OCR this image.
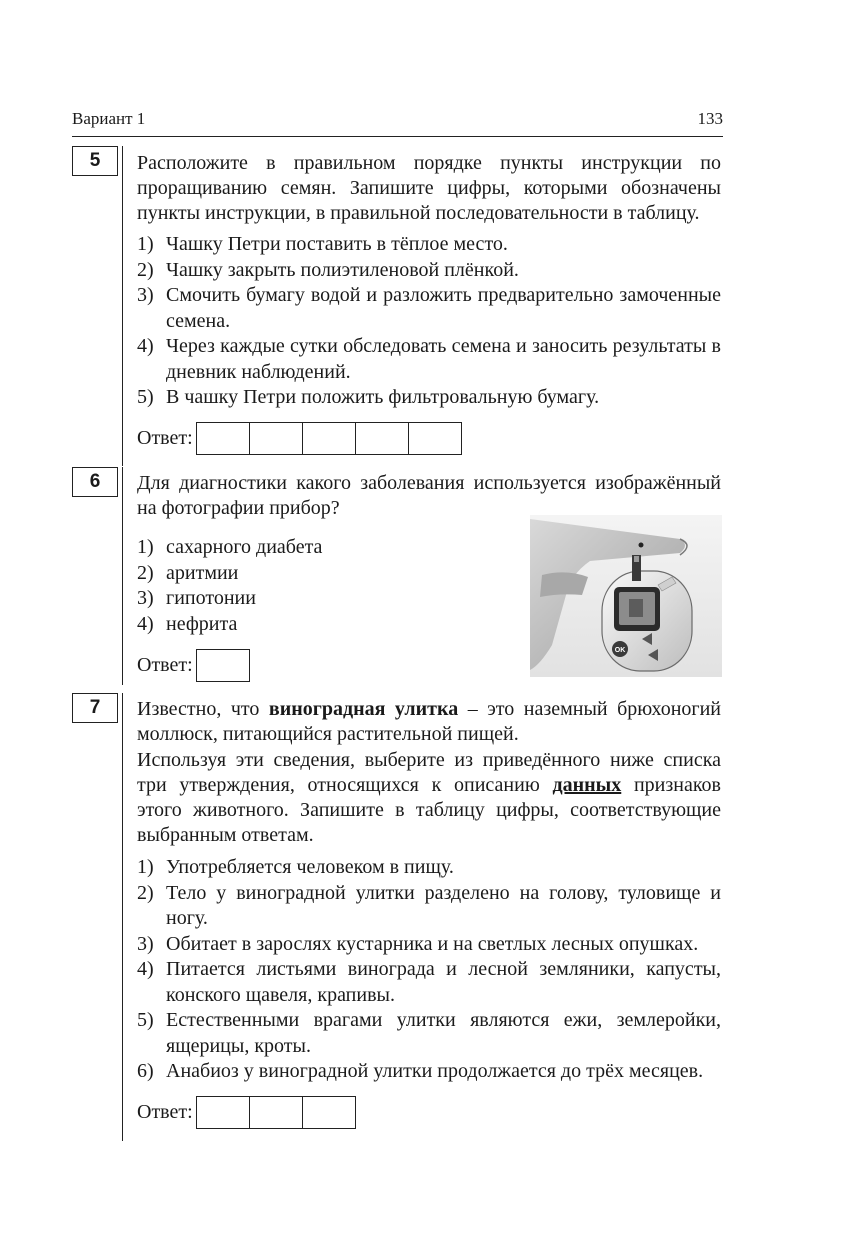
Вариант 1	133
5	Расположите в правильном порядке пункты инструкции по проращиванию семян. Запишите цифры, которыми обозначены пункты инструкции, в правильной последовательности в таблицу.
1) Чашку Петри поставить в тёплое место.
2) Чашку закрыть полиэтиленовой плёнкой.
3) Смочить бумагу водой и разложить предварительно замоченные семена.
4) Через каждые сутки обследовать семена и заносить результаты в дневник наблюдений.
5) В чашку Петри положить фильтровальную бумагу.
Ответ:
6	Для диагностики какого заболевания используется изображённый на фотографии прибор?
1) сахарного диабета
2) аритмии
3) гипотонии
4) нефрита
Ответ:
OK
7	Известно, что виноградная улитка – это наземный брюхоногий моллюск, питающийся растительной пищей.
Используя эти сведения, выберите из приведённого ниже списка три утверждения, относящихся к описанию данных признаков этого животного. Запишите в таблицу цифры, соответствующие выбранным ответам.
1) Употребляется человеком в пищу.
2) Тело у виноградной улитки разделено на голову, туловище и ногу.
3) Обитает в зарослях кустарника и на светлых лесных опушках.
4) Питается листьями винограда и лесной земляники, капусты, конского щавеля, крапивы.
5) Естественными врагами улитки являются ежи, землеройки, ящерицы, кроты.
6) Анабиоз у виноградной улитки продолжается до трёх месяцев.
Ответ:
